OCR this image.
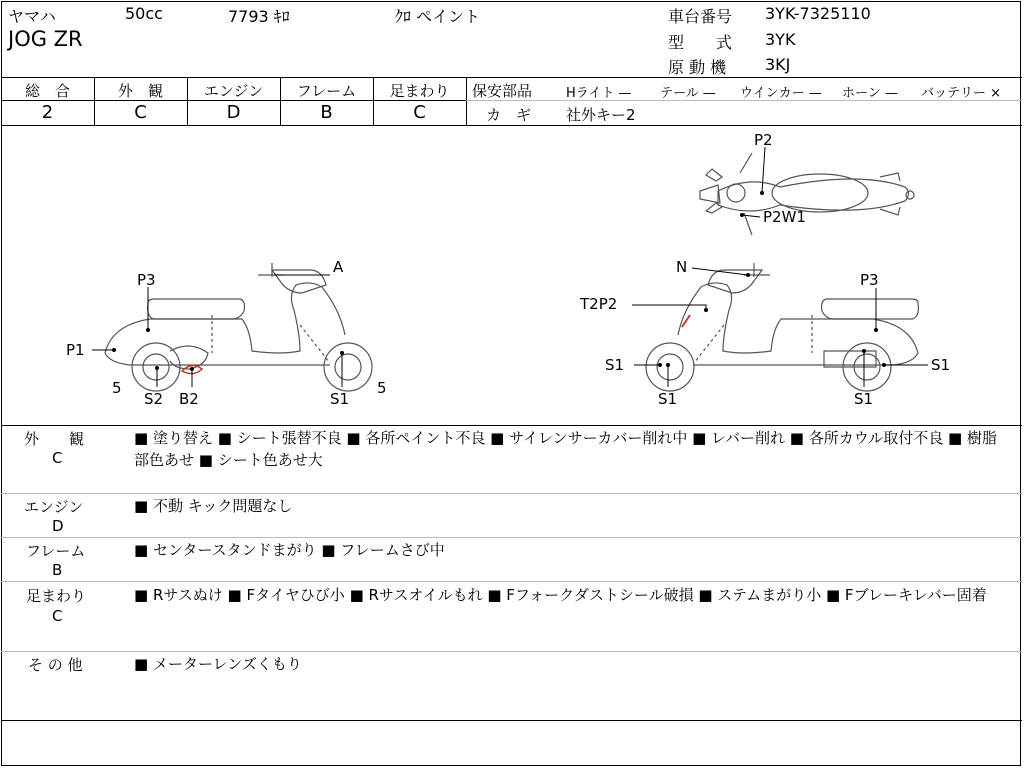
ヤマハ	50cc	7793 ｷﾛ	ｸﾛ ペイント
JOG ZR
車台番号 3YK-7325110
型　　式 3YK
原 動 機 3KJ
総　合	外　観	エンジン	フレーム	足まわり
2	C	D	B	C
保安部品	Hライト — テール — ウインカー — ホーン — バッテリー ×
カ　ギ 社外キー2
P2
P2W1
A
P3
P1
5
S2 B2	S1
5
N
P3
T2P2
S1
S1	S1
S1
外　　観
C
■ 塗り替え ■ シート張替不良 ■ 各所ペイント不良 ■ サイレンサーカバー削れ中 ■ レバー削れ ■ 各所カウル取付不良 ■ 樹脂部色あせ ■ シート色あせ大
エンジン
D
■ 不動 キック問題なし
フレーム
B
■ センタースタンドまがり ■ フレームさび中
足まわり
C
■ Rサスぬけ ■ Fタイヤひび小 ■ Rサスオイルもれ ■ Fフォークダストシール破損 ■ ステムまがり小 ■ Fブレーキレバー固着
そ の 他	■ メーターレンズくもり
